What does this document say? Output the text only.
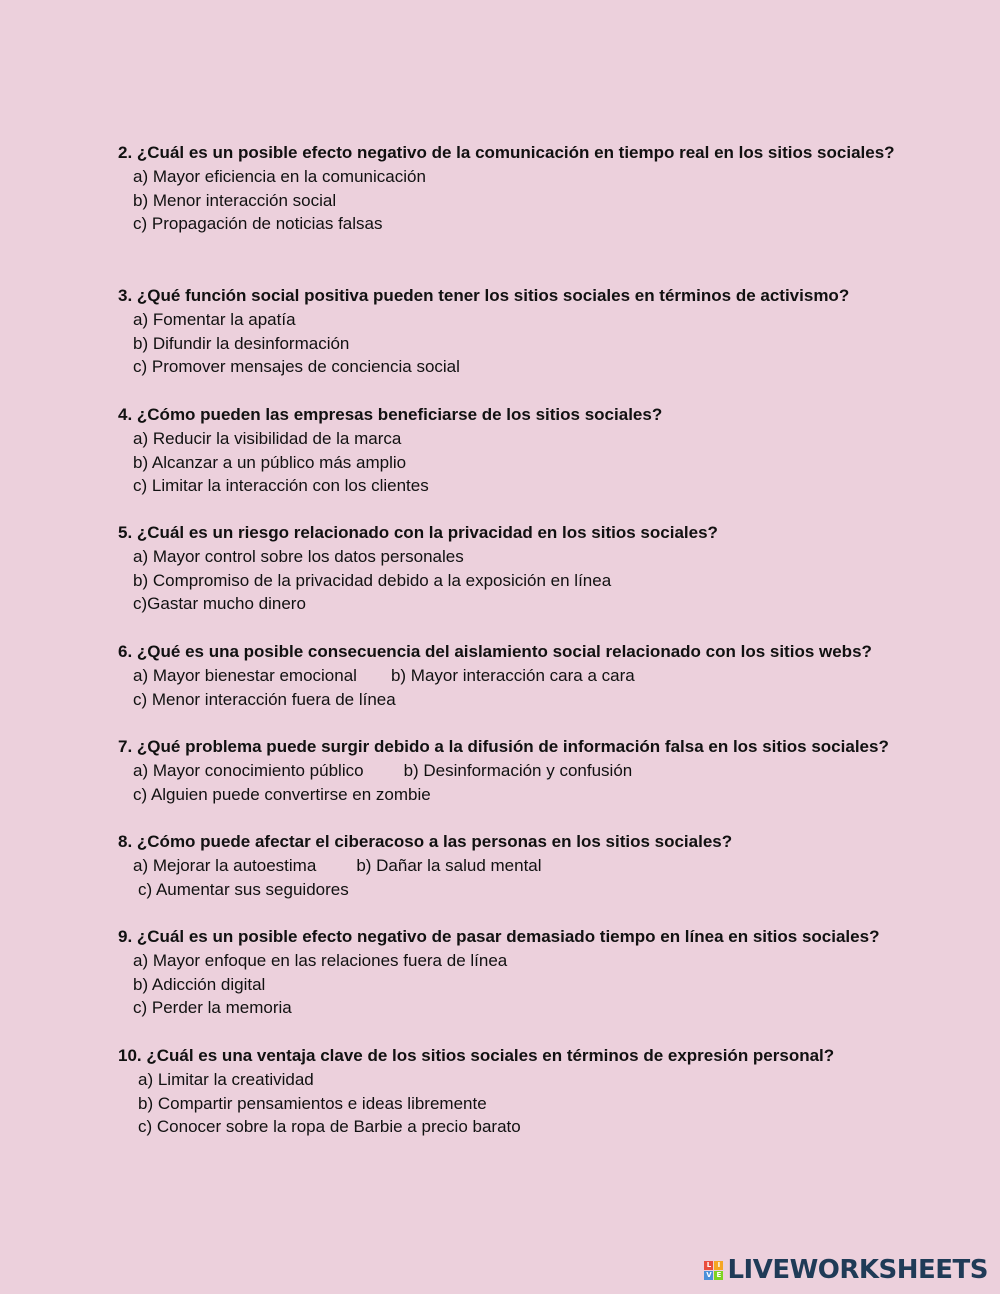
2. ¿Cuál es un posible efecto negativo de la comunicación en tiempo real en los sitios sociales?

a) Mayor eficiencia en la comunicación

b) Menor interacción social

c) Propagación de noticias falsas

3. ¿Qué función social positiva pueden tener los sitios sociales en términos de activismo?

a) Fomentar la apatía

b) Difundir la desinformación

c) Promover mensajes de conciencia social

4. ¿Cómo pueden las empresas beneficiarse de los sitios sociales?

a) Reducir la visibilidad de la marca

b) Alcanzar a un público más amplio

c) Limitar la interacción con los clientes

5. ¿Cuál es un riesgo relacionado con la privacidad en los sitios sociales?

a) Mayor control sobre los datos personales

b) Compromiso de la privacidad debido a la exposición en línea

c)Gastar mucho dinero

6. ¿Qué es una posible consecuencia del aislamiento social relacionado con los sitios webs?

a) Mayor bienestar emocional b) Mayor interacción cara a cara

c) Menor interacción fuera de línea

7. ¿Qué problema puede surgir debido a la difusión de información falsa en los sitios sociales?

a) Mayor conocimiento público b) Desinformación y confusión

c) Alguien puede convertirse en zombie

8. ¿Cómo puede afectar el ciberacoso a las personas en los sitios sociales?

a) Mejorar la autoestima b) Dañar la salud mental

c) Aumentar sus seguidores

9. ¿Cuál es un posible efecto negativo de pasar demasiado tiempo en línea en sitios sociales?

a) Mayor enfoque en las relaciones fuera de línea

b) Adicción digital

c) Perder la memoria

10. ¿Cuál es una ventaja clave de los sitios sociales en términos de expresión personal?

a) Limitar la creatividad

b) Compartir pensamientos e ideas libremente

c) Conocer sobre la ropa de Barbie a precio barato

L I
V E LIVEWORKSHEETS
